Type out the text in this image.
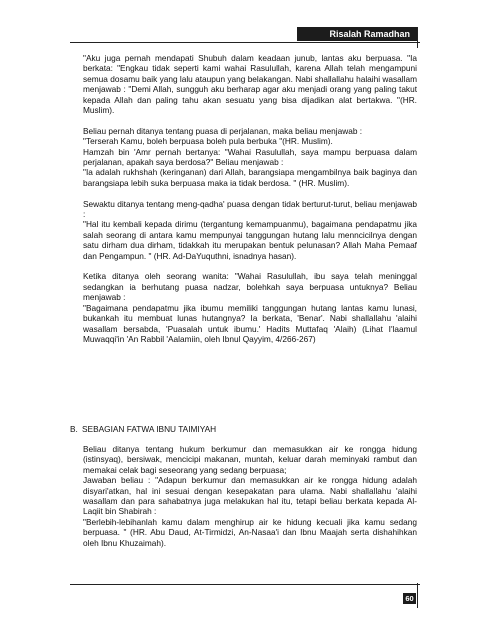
Risalah Ramadhan

"Aku juga pernah mendapati Shubuh dalam keadaan junub, lantas aku berpuasa. "Ia berkata: "Engkau tidak seperti kami wahai Rasulullah, karena Allah telah mengampuni semua dosamu baik yang lalu ataupun yang belakangan. Nabi shallallahu halaihi wasallam menjawab : "Demi Allah, sungguh aku berharap agar aku menjadi orang yang paling takut kepada Allah dan paling tahu akan sesuatu yang bisa dijadikan alat bertakwa. "(HR. Muslim).

Beliau pernah ditanya tentang puasa di perjalanan, maka beliau menjawab :
"Terserah Kamu, boleh berpuasa boleh pula berbuka "(HR. Muslim).
Hamzah bin 'Amr pernah bertanya: "Wahai Rasulullah, saya mampu berpuasa dalam perjalanan, apakah saya berdosa?" Beliau menjawab :
"Ia adalah rukhshah (keringanan) dari Allah, barangsiapa mengambilnya baik baginya dan barangsiapa lebih suka berpuasa maka ia tidak berdosa. " (HR. Muslim).

Sewaktu ditanya tentang meng-qadha' puasa dengan tidak berturut-turut, beliau menjawab :
"Hal itu kembali kepada dirimu (tergantung kemampuanmu), bagaimana pendapatmu jika salah seorang di antara kamu mempunyai tanggungan hutang lalu menncicilnya dengan satu dirham dua dirham, tidakkah itu merupakan bentuk pelunasan? Allah Maha Pemaaf dan Pengampun. " (HR. Ad-DaYuquthni, isnadnya hasan).

Ketika ditanya oleh seorang wanita: "Wahai Rasulullah, ibu saya telah meninggal sedangkan ia berhutang puasa nadzar, bolehkah saya berpuasa untuknya? Beliau menjawab :
"Bagaimana pendapatmu jika ibumu memiliki tanggungan hutang lantas kamu lunasi, bukankah itu membuat lunas hutangnya? Ia berkata, 'Benar'. Nabi shallallahu 'alaihi wasallam bersabda, 'Puasalah untuk ibumu.' Hadits Muttafaq 'Alaih) (Lihat I'laamul Muwaqqi'in 'An Rabbil 'Aalamiin, oleh Ibnul Qayyim, 4/266-267)

B. SEBAGIAN FATWA IBNU TAIMIYAH

Beliau ditanya tentang hukum berkumur dan memasukkan air ke rongga hidung (istinsyaq), bersiwak, mencicipi makanan, muntah, keluar darah meminyaki rambut dan memakai celak bagi seseorang yang sedang berpuasa;
Jawaban beliau : "Adapun berkumur dan memasukkan air ke rongga hidung adalah disyari'atkan, hal ini sesuai dengan kesepakatan para ulama. Nabi shallallahu 'alaihi wasallam dan para sahabatnya juga melakukan hal itu, tetapi beliau berkata kepada Al-Laqiit bin Shabirah :
"Berlebih-lebihanlah kamu dalam menghirup air ke hidung kecuali jika kamu sedang berpuasa. " (HR. Abu Daud, At-Tirmidzi, An-Nasaa'i dan Ibnu Maajah serta dishahihkan oleh Ibnu Khuzaimah).

60
